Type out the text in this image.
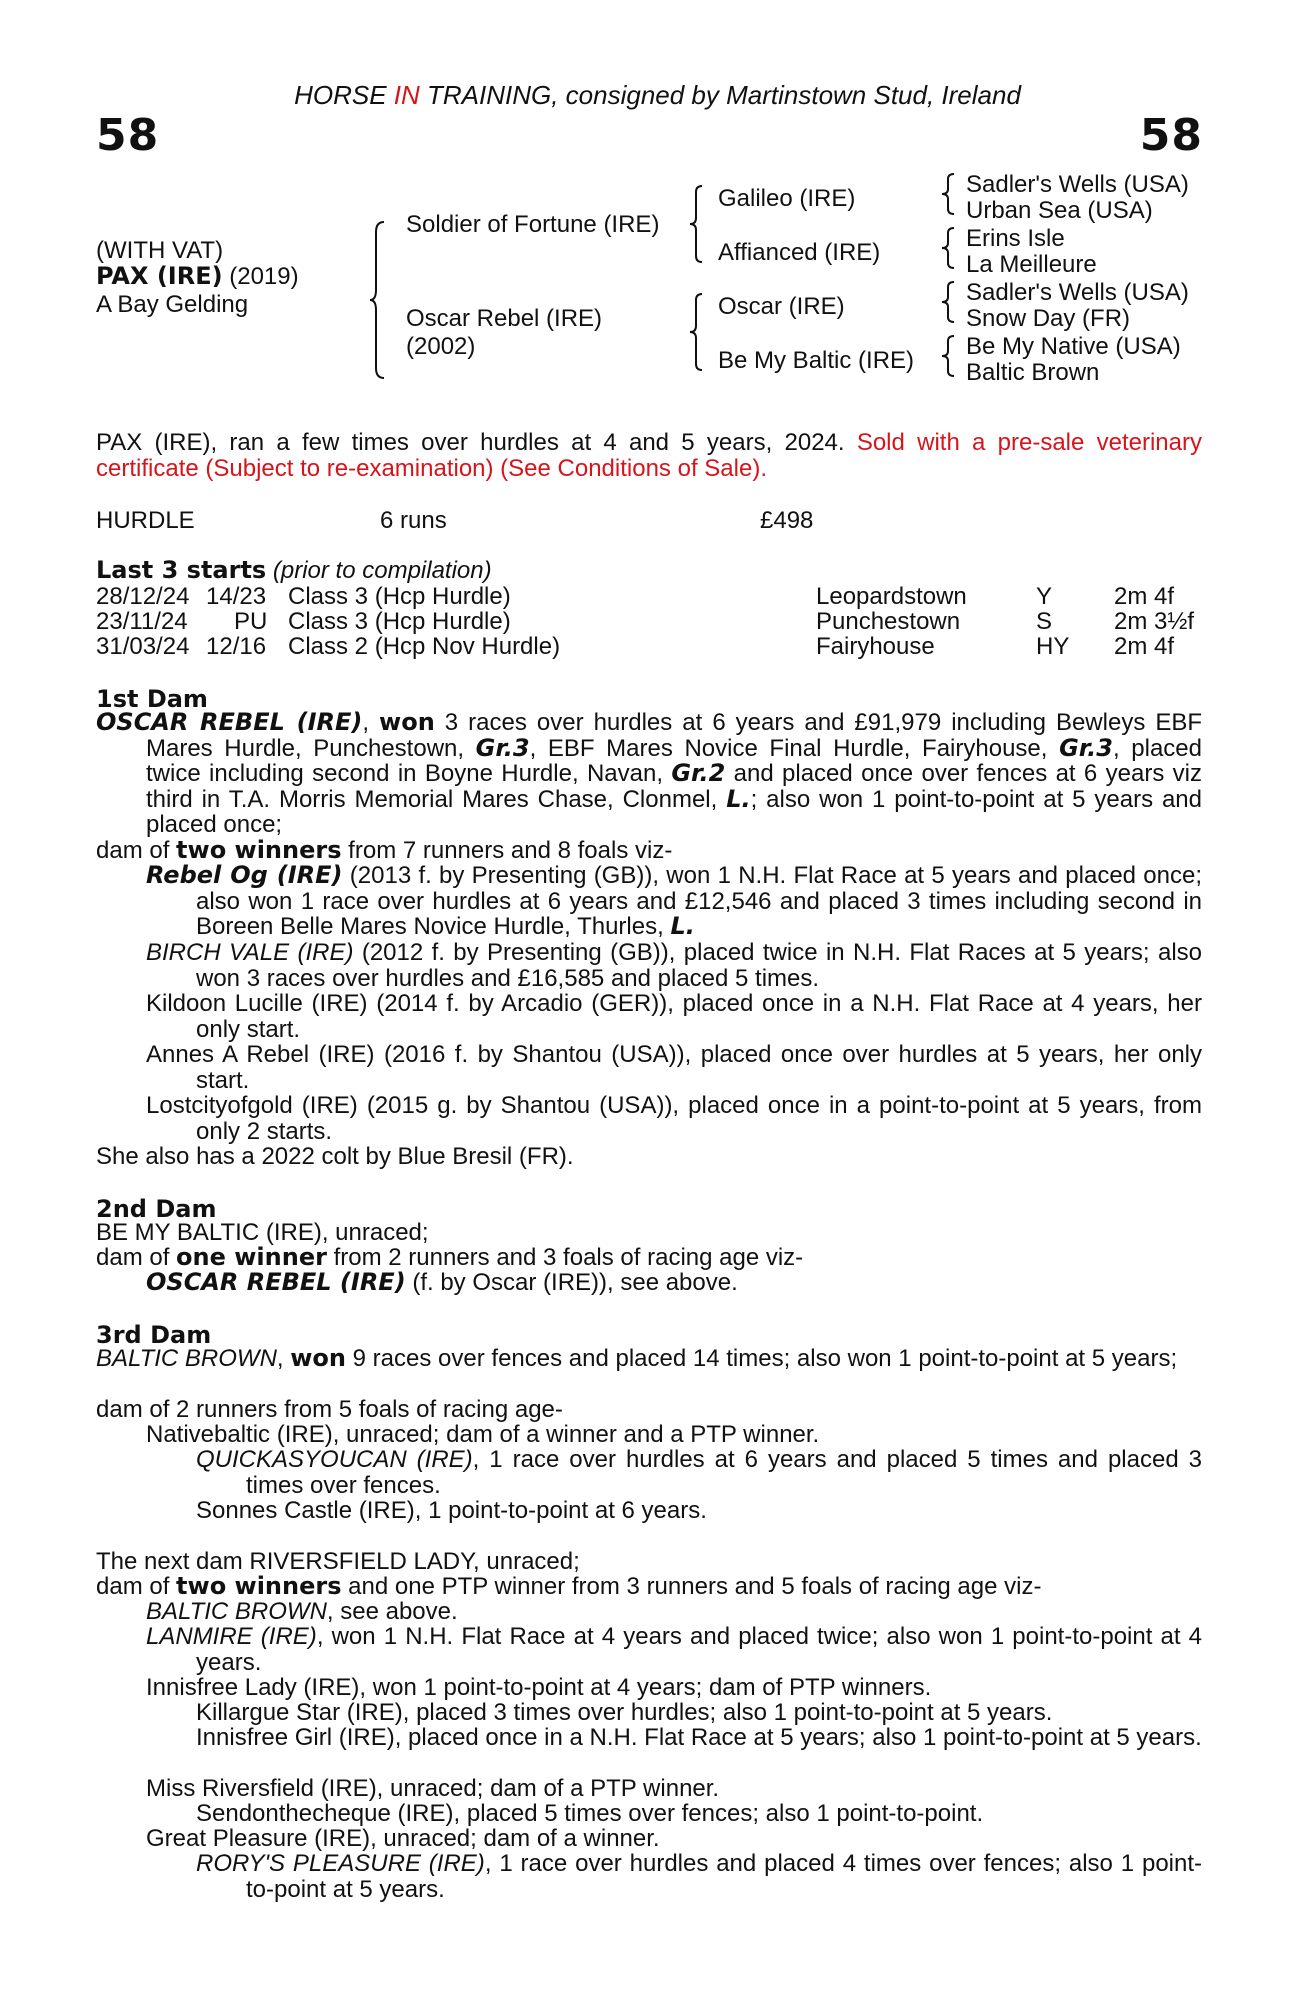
HORSE IN TRAINING, consigned by Martinstown Stud, Ireland
58	58
(WITH VAT)
PAX (IRE) (2019)
A Bay Gelding
Soldier of Fortune (IRE)
Oscar Rebel (IRE)
(2002)
Galileo (IRE)
Affianced (IRE)
Oscar (IRE)
Be My Baltic (IRE)
Sadler's Wells (USA)
Urban Sea (USA)
Erins Isle
La Meilleure
Sadler's Wells (USA)
Snow Day (FR)
Be My Native (USA)
Baltic Brown
PAX (IRE), ran a few times over hurdles at 4 and 5 years, 2024. Sold with a pre-sale veterinary certificate (Subject to re-examination) (See Conditions of Sale).
HURDLE	6 runs	£498
Last 3 starts (prior to compilation)
28/12/24 14/23 Class 3 (Hcp Hurdle)	Leopardstown	Y	2m 4f
23/11/24 PU Class 3 (Hcp Hurdle)	Punchestown	S	2m 3½f
31/03/24 12/16 Class 2 (Hcp Nov Hurdle)	Fairyhouse	HY 2m 4f
1st Dam
OSCAR REBEL (IRE), won 3 races over hurdles at 6 years and £91,979 including Bewleys EBF Mares Hurdle, Punchestown, Gr.3, EBF Mares Novice Final Hurdle, Fairyhouse, Gr.3, placed twice including second in Boyne Hurdle, Navan, Gr.2 and placed once over fences at 6 years viz third in T.A. Morris Memorial Mares Chase, Clonmel, L.; also won 1 point-to-point at 5 years and placed once;
dam of two winners from 7 runners and 8 foals viz-
Rebel Og (IRE) (2013 f. by Presenting (GB)), won 1 N.H. Flat Race at 5 years and placed once; also won 1 race over hurdles at 6 years and £12,546 and placed 3 times including second in Boreen Belle Mares Novice Hurdle, Thurles, L.
BIRCH VALE (IRE) (2012 f. by Presenting (GB)), placed twice in N.H. Flat Races at 5 years; also won 3 races over hurdles and £16,585 and placed 5 times.
Kildoon Lucille (IRE) (2014 f. by Arcadio (GER)), placed once in a N.H. Flat Race at 4 years, her only start.
Annes A Rebel (IRE) (2016 f. by Shantou (USA)), placed once over hurdles at 5 years, her only start.
Lostcityofgold (IRE) (2015 g. by Shantou (USA)), placed once in a point-to-point at 5 years, from only 2 starts.
She also has a 2022 colt by Blue Bresil (FR).
2nd Dam
BE MY BALTIC (IRE), unraced;
dam of one winner from 2 runners and 3 foals of racing age viz-
OSCAR REBEL (IRE) (f. by Oscar (IRE)), see above.
3rd Dam
BALTIC BROWN, won 9 races over fences and placed 14 times; also won 1 point-to-point at 5 years;
dam of 2 runners from 5 foals of racing age-
Nativebaltic (IRE), unraced; dam of a winner and a PTP winner.
QUICKASYOUCAN (IRE), 1 race over hurdles at 6 years and placed 5 times and placed 3 times over fences.
Sonnes Castle (IRE), 1 point-to-point at 6 years.
The next dam RIVERSFIELD LADY, unraced;
dam of two winners and one PTP winner from 3 runners and 5 foals of racing age viz-
BALTIC BROWN, see above.
LANMIRE (IRE), won 1 N.H. Flat Race at 4 years and placed twice; also won 1 point-to-point at 4 years.
Innisfree Lady (IRE), won 1 point-to-point at 4 years; dam of PTP winners.
Killargue Star (IRE), placed 3 times over hurdles; also 1 point-to-point at 5 years.
Innisfree Girl (IRE), placed once in a N.H. Flat Race at 5 years; also 1 point-to-point at 5 years.
Miss Riversfield (IRE), unraced; dam of a PTP winner.
Sendonthecheque (IRE), placed 5 times over fences; also 1 point-to-point.
Great Pleasure (IRE), unraced; dam of a winner.
RORY'S PLEASURE (IRE), 1 race over hurdles and placed 4 times over fences; also 1 point-to-point at 5 years.
